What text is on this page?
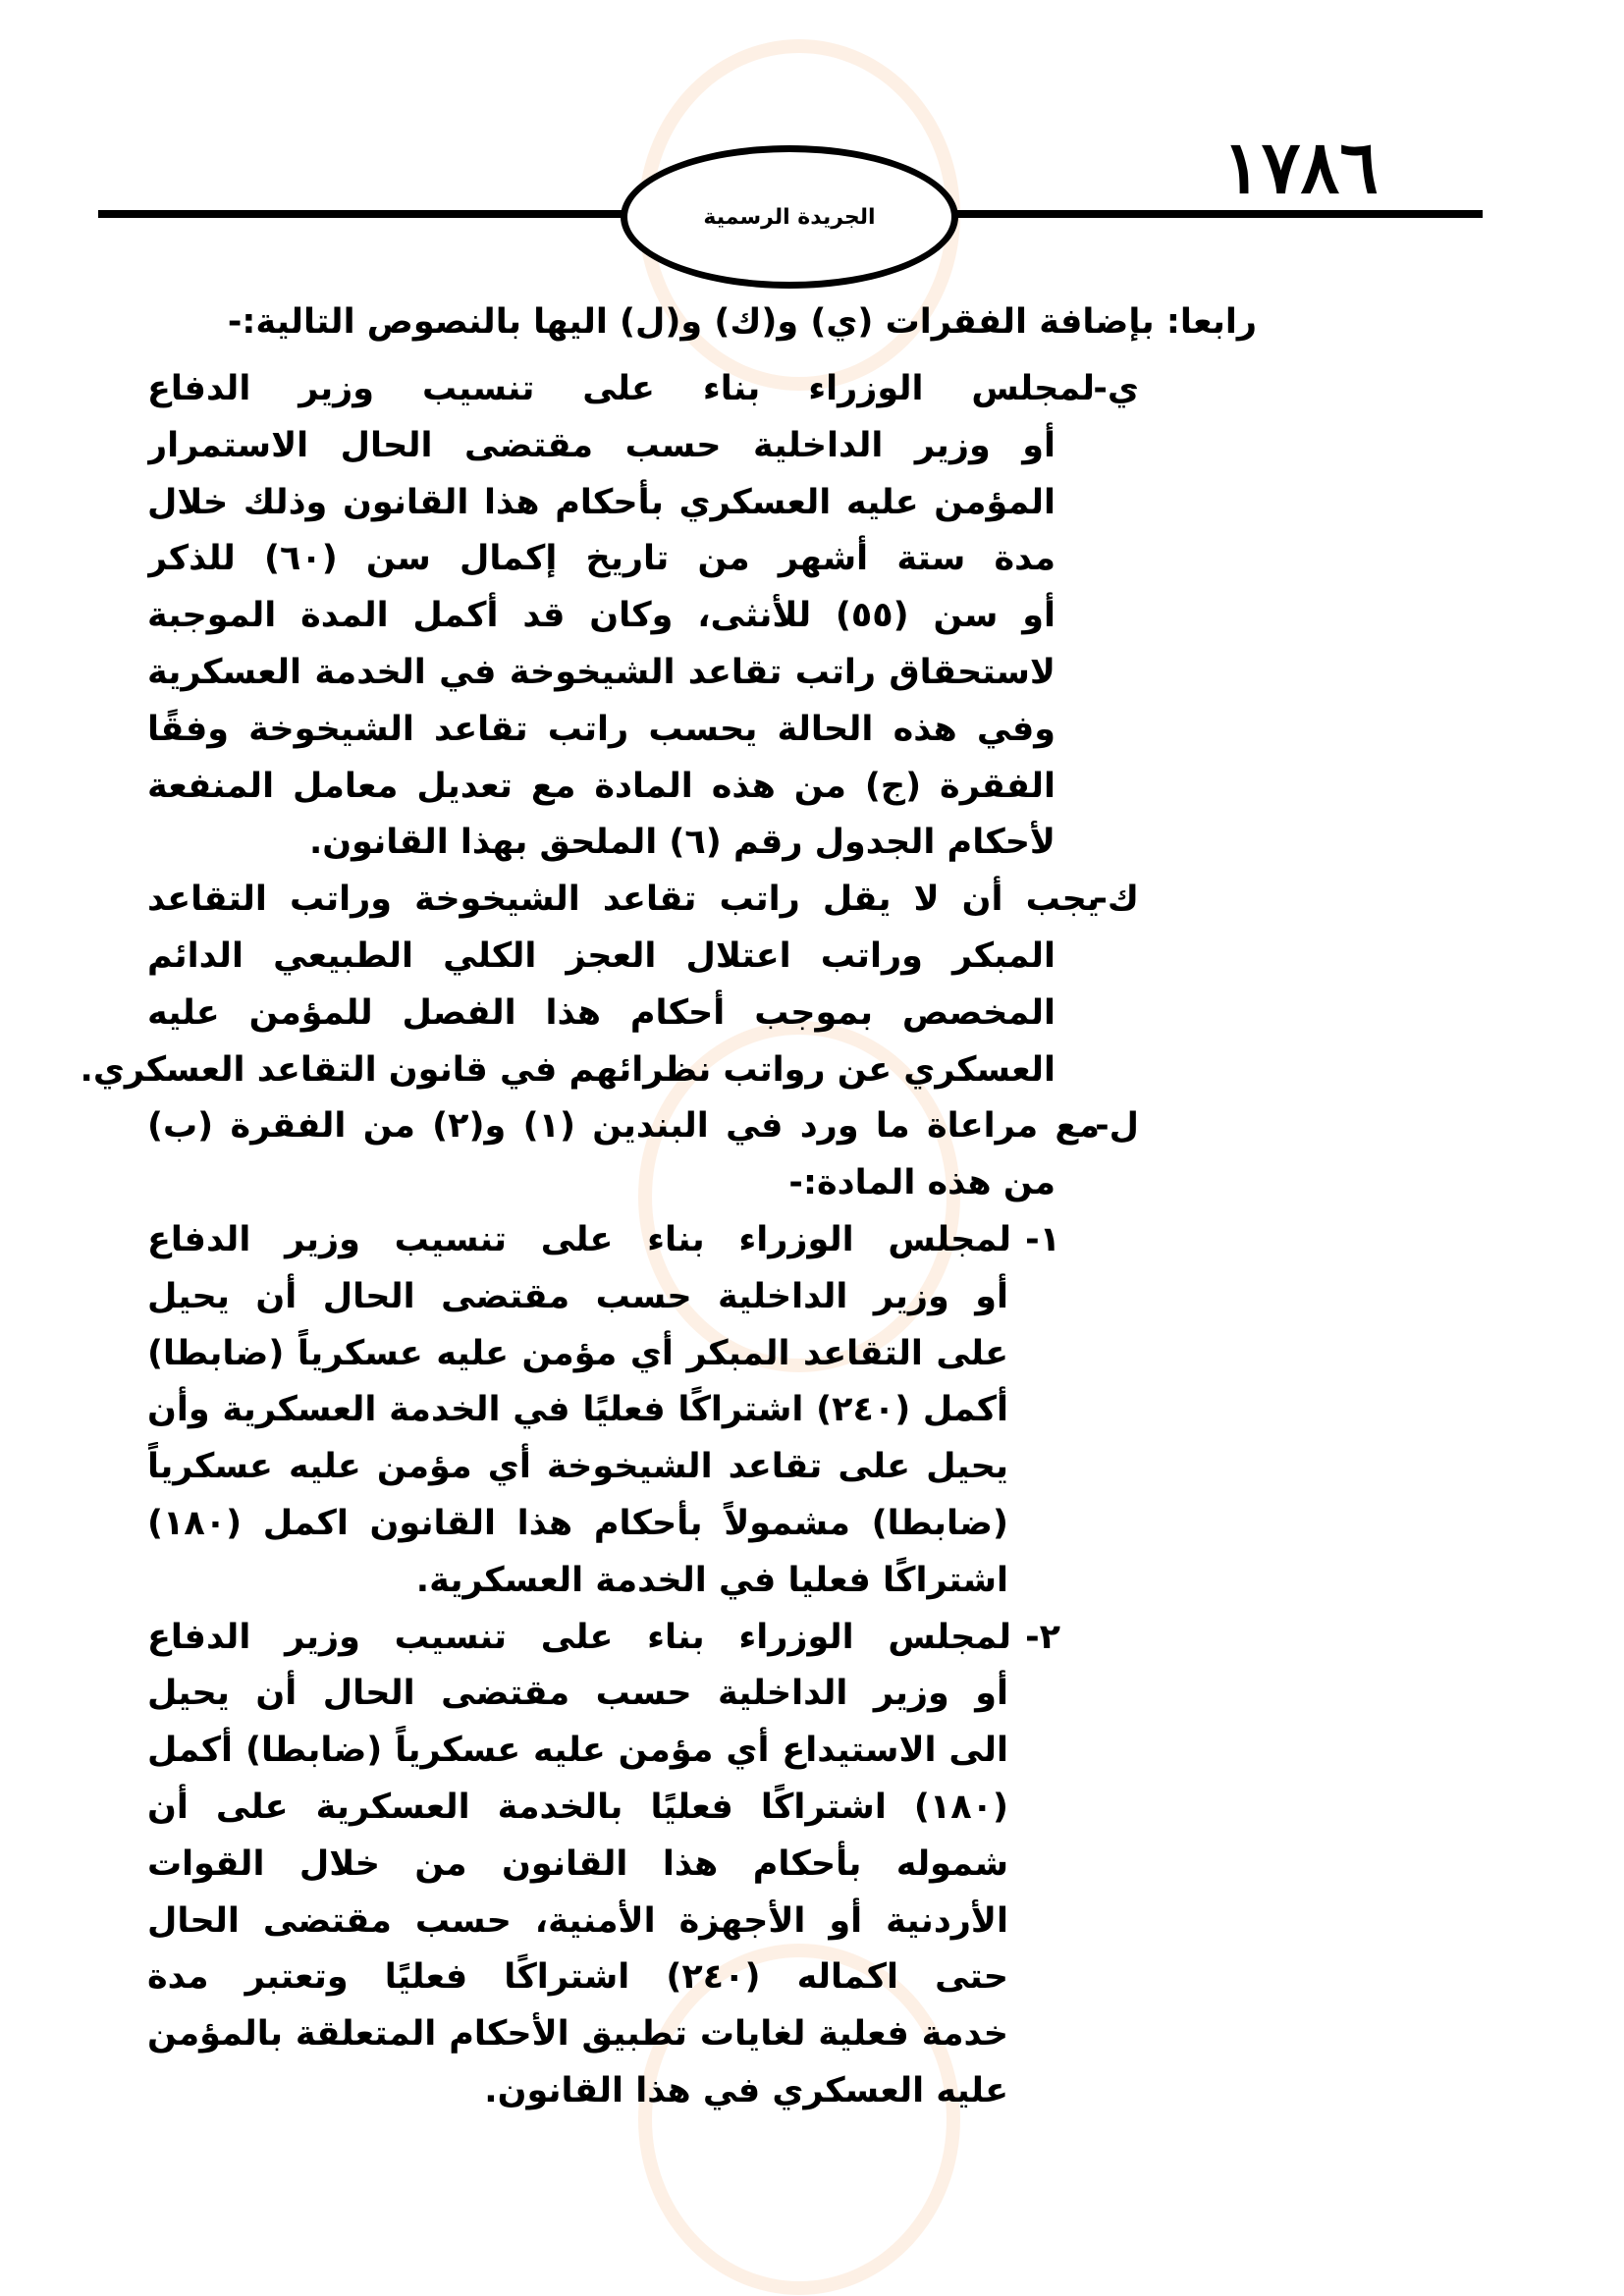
١٧٨٦
الجريدة الرسمية
رابعا: بإضافة الفقرات (ي) و(ك) و(ل) اليها بالنصوص التالية:-
ي-
لمجلس الوزراء بناء على تنسيب وزير الدفاع
أو وزير الداخلية حسب مقتضى الحال الاستمرار
المؤمن عليه العسكري بأحكام هذا القانون وذلك خلال
مدة ستة أشهر من تاريخ إكمال سن (٦٠) للذكر
أو سن (٥٥) للأنثى، وكان قد أكمل المدة الموجبة
لاستحقاق راتب تقاعد الشيخوخة في الخدمة العسكرية
وفي هذه الحالة يحسب راتب تقاعد الشيخوخة وفقًا
الفقرة (ج) من هذه المادة مع تعديل معامل المنفعة
لأحكام الجدول رقم (٦) الملحق بهذا القانون.
ك-
يجب أن لا يقل راتب تقاعد الشيخوخة وراتب التقاعد
المبكر وراتب اعتلال العجز الكلي الطبيعي الدائم
المخصص بموجب أحكام هذا الفصل للمؤمن عليه
العسكري عن رواتب نظرائهم في قانون التقاعد العسكري.
ل-
مع مراعاة ما ورد في البندين (١) و(٢) من الفقرة (ب)
من هذه المادة:-
١-
لمجلس الوزراء بناء على تنسيب وزير الدفاع
أو وزير الداخلية حسب مقتضى الحال أن يحيل
على التقاعد المبكر أي مؤمن عليه عسكرياً (ضابطا)
أكمل (٢٤٠) اشتراكًا فعليًا في الخدمة العسكرية وأن
يحيل على تقاعد الشيخوخة أي مؤمن عليه عسكرياً
(ضابطا) مشمولاً بأحكام هذا القانون اكمل (١٨٠)
اشتراكًا فعليا في الخدمة العسكرية.
٢-
لمجلس الوزراء بناء على تنسيب وزير الدفاع
أو وزير الداخلية حسب مقتضى الحال أن يحيل
الى الاستيداع أي مؤمن عليه عسكرياً (ضابطا) أكمل
(١٨٠) اشتراكًا فعليًا بالخدمة العسكرية على أن
شموله بأحكام هذا القانون من خلال القوات
الأردنية أو الأجهزة الأمنية، حسب مقتضى الحال
حتى اكماله (٢٤٠) اشتراكًا فعليًا وتعتبر مدة
خدمة فعلية لغايات تطبيق الأحكام المتعلقة بالمؤمن
عليه العسكري في هذا القانون.
